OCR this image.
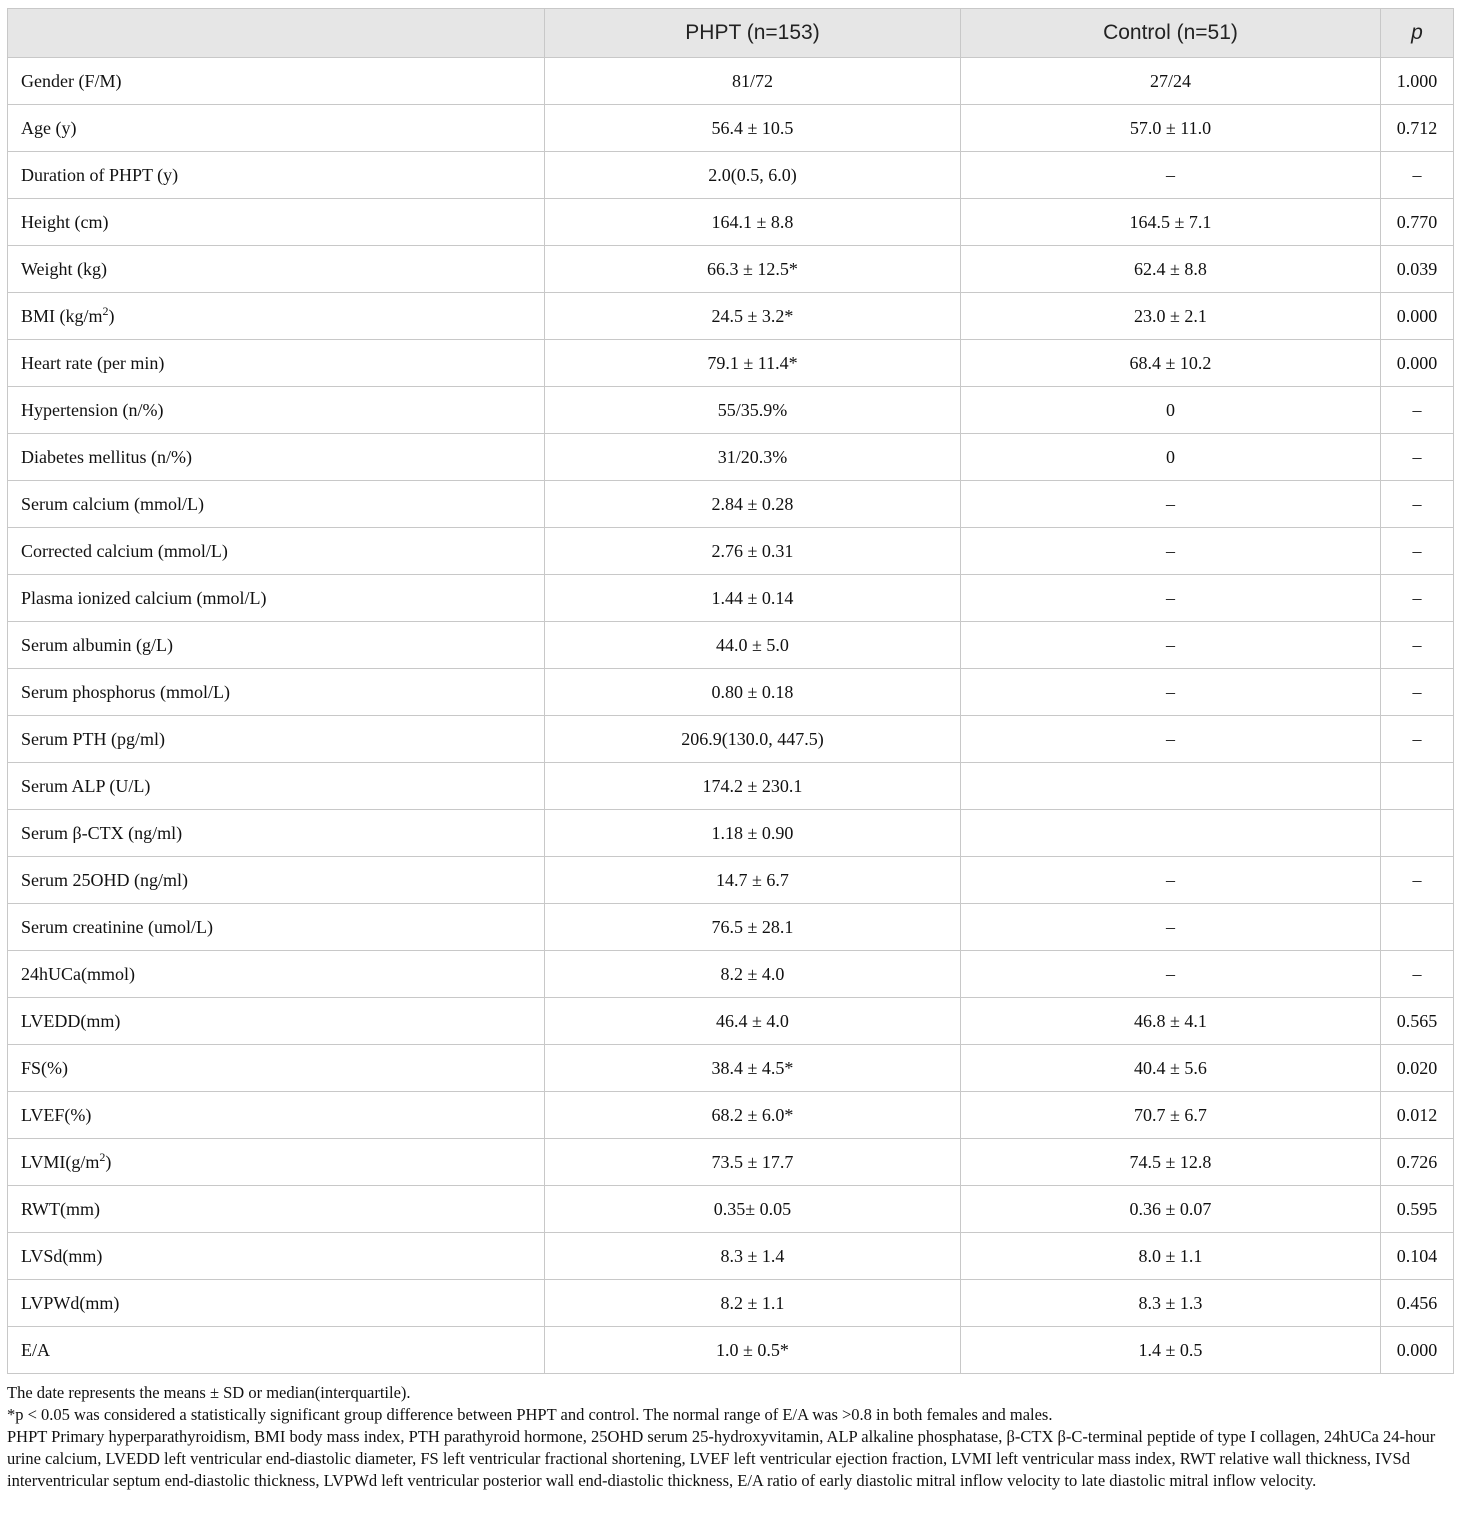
	PHPT (n=153)	Control (n=51)	p
Gender (F/M)	81/72	27/24	1.000
Age (y)	56.4 ± 10.5	57.0 ± 11.0	0.712
Duration of PHPT (y)	2.0(0.5, 6.0)	–	–
Height (cm)	164.1 ± 8.8	164.5 ± 7.1	0.770
Weight (kg)	66.3 ± 12.5*	62.4 ± 8.8	0.039
BMI $(kg/m^2)$	24.5 ± 3.2*	23.0 ± 2.1	0.000
Heart rate (per min)	79.1 ± 11.4*	68.4 ± 10.2	0.000
Hypertension (n/%)	55/35.9%	0	–
Diabetes mellitus (n/%)	31/20.3%	0	–
Serum calcium (mmol/L)	2.84 ± 0.28	–	–
Corrected calcium (mmol/L)	2.76 ± 0.31	–	–
Plasma ionized calcium (mmol/L)	1.44 ± 0.14	–	–
Serum albumin (g/L)	44.0 ± 5.0	–	–
Serum phosphorus (mmol/L)	0.80 ± 0.18	–	–
Serum PTH (pg/ml)	206.9(130.0, 447.5)	–	–
Serum ALP (U/L)	174.2 ± 230.1		
Serum β-CTX (ng/ml)	1.18 ± 0.90		
Serum 25OHD (ng/ml)	14.7 ± 6.7	–	–
Serum creatinine (umol/L)	76.5 ± 28.1	–	
24hUCa(mmol)	8.2 ± 4.0	–	–
LVEDD(mm)	46.4 ± 4.0	46.8 ± 4.1	0.565
FS(%)	38.4 ± 4.5*	40.4 ± 5.6	0.020
LVEF(%)	68.2 ± 6.0*	70.7 ± 6.7	0.012
$LVMI(g/m^2)$	73.5 ± 17.7	74.5 ± 12.8	0.726
RWT(mm)	0.35± 0.05	0.36 ± 0.07	0.595
LVSd(mm)	8.3 ± 1.4	8.0 ± 1.1	0.104
LVPWd(mm)	8.2 ± 1.1	8.3 ± 1.3	0.456
E/A	1.0 ± 0.5*	1.4 ± 0.5	0.000

The date represents the means ± SD or median(interquartile).

*p < 0.05 was considered a statistically significant group difference between PHPT and control. The normal range of E/A was >0.8 in both females and males.

PHPT Primary hyperparathyroidism, BMI body mass index, PTH parathyroid hormone, 25OHD serum 25-hydroxyvitamin, ALP alkaline phosphatase, β-CTX β-C-terminal peptide of type I collagen, 24hUCa 24-hour urine calcium, LVEDD left ventricular end-diastolic diameter, FS left ventricular fractional shortening, LVEF left ventricular ejection fraction, LVMI left ventricular mass index, RWT relative wall thickness, IVSd interventricular septum end-diastolic thickness, LVPWd left ventricular posterior wall end-diastolic thickness, E/A ratio of early diastolic mitral inflow velocity to late diastolic mitral inflow velocity.
